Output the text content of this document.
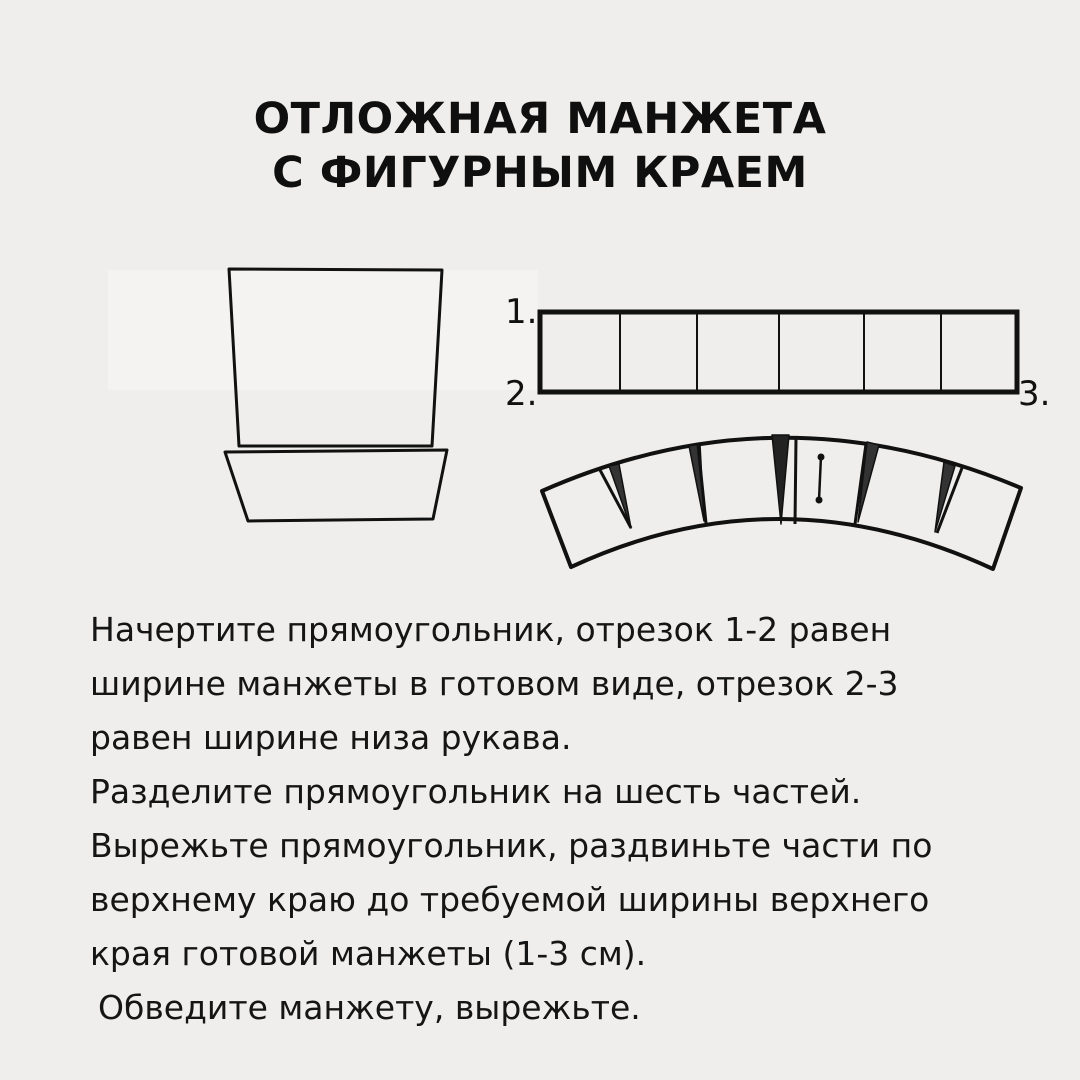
ОТЛОЖНАЯ МАНЖЕТА
С ФИГУРНЫМ КРАЕМ
1.
2.	3.

Начертите прямоугольник, отрезок 1-2 равен

ширине манжеты в готовом виде, отрезок 2-3

равен ширине низа рукава.

Разделите прямоугольник на шесть частей.

Вырежьте прямоугольник, раздвиньте части по

верхнему краю до требуемой ширины верхнего

края готовой манжеты (1-3 см).

Обведите манжету, вырежьте.
